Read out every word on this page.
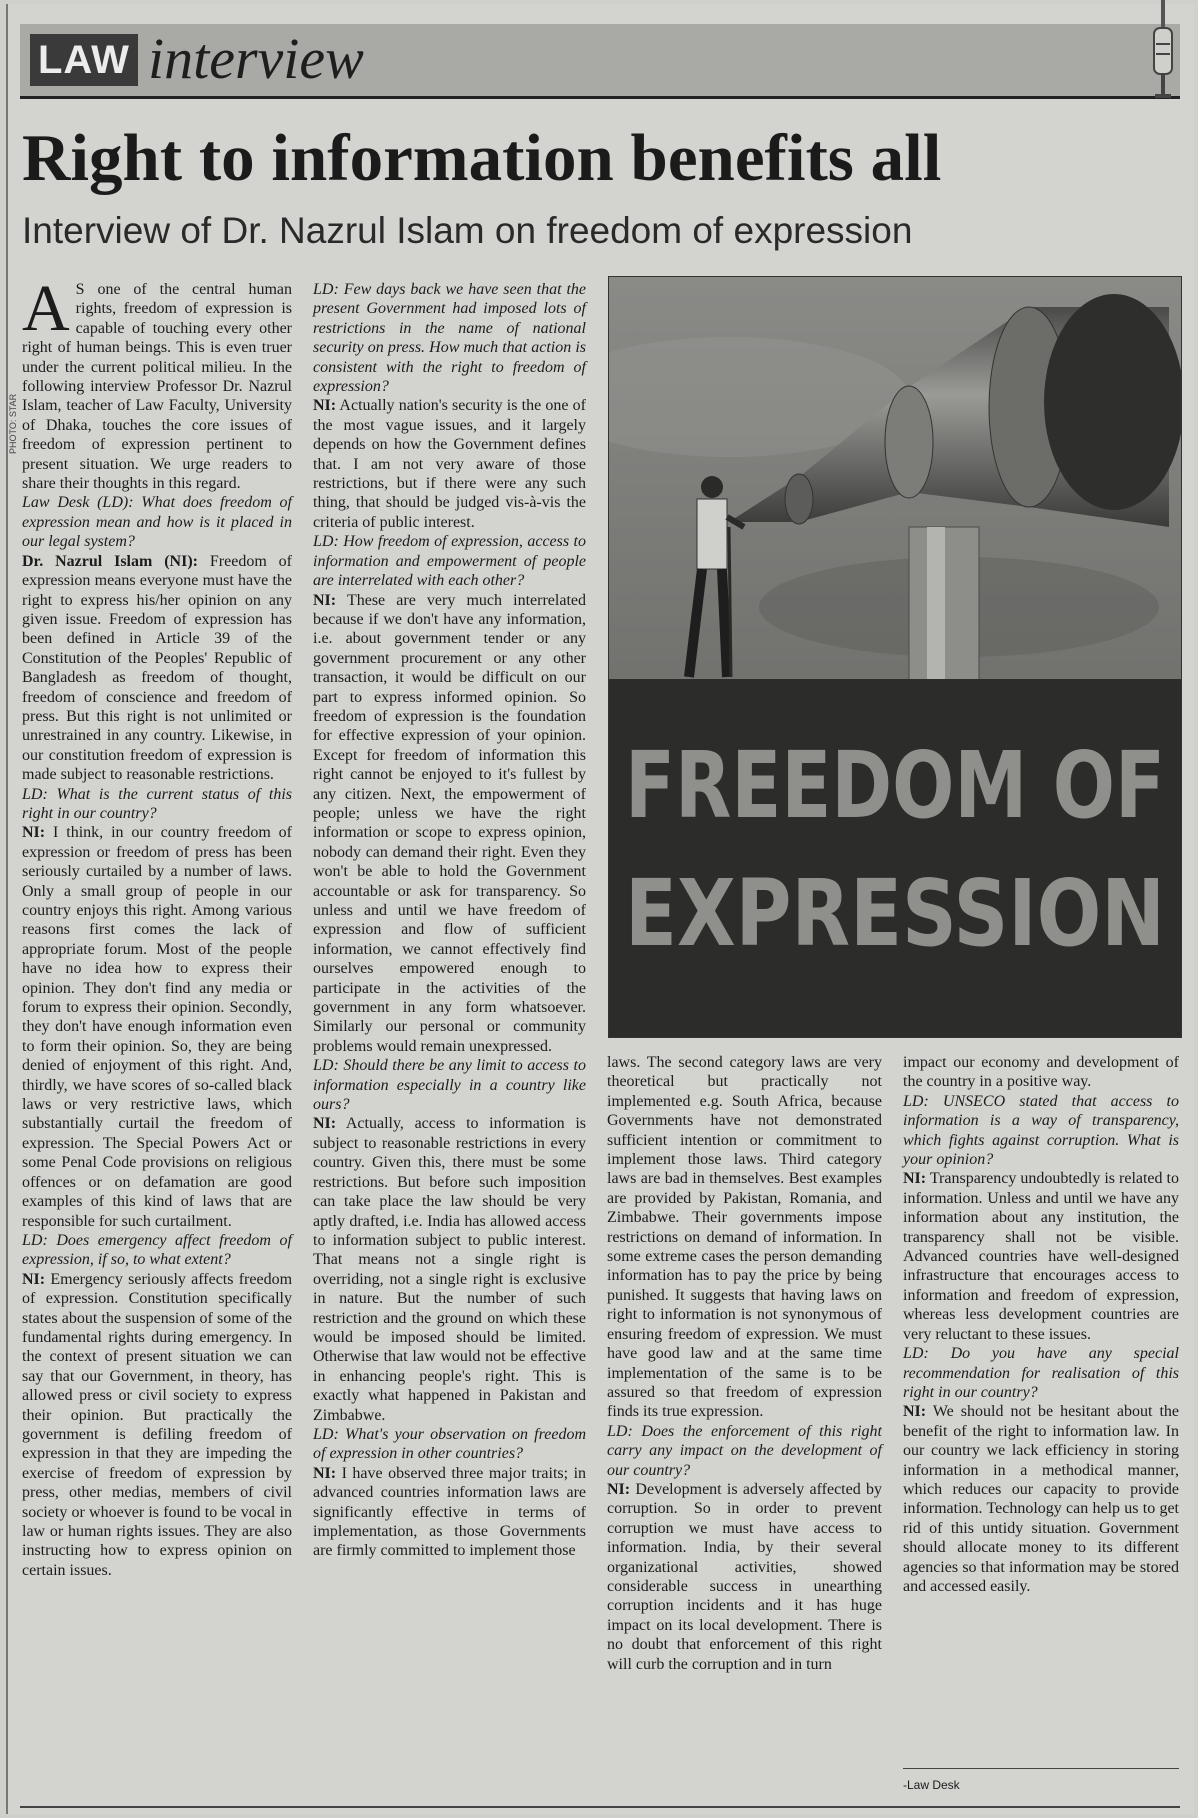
PHOTO: STAR
LAW interview
Right to information benefits all
Interview of Dr. Nazrul Islam on freedom of expression

A S one of the central human rights, freedom of expression is capable of touching every other right of human beings. This is even truer under the current political milieu. In the following interview Professor Dr. Nazrul Islam, teacher of Law Faculty, University of Dhaka, touches the core issues of freedom of expression pertinent to present situation. We urge readers to share their thoughts in this regard.

Law Desk (LD): What does freedom of expression mean and how is it placed in our legal system?

Dr. Nazrul Islam (NI): Freedom of expression means everyone must have the right to express his/her opinion on any given issue. Freedom of expression has been defined in Article 39 of the Constitution of the Peoples' Republic of Bangladesh as freedom of thought, freedom of conscience and freedom of press. But this right is not unlimited or unrestrained in any country. Likewise, in our constitution freedom of expression is made subject to reasonable restrictions.

LD: What is the current status of this right in our country?

NI: I think, in our country freedom of expression or freedom of press has been seriously curtailed by a number of laws. Only a small group of people in our country enjoys this right. Among various reasons first comes the lack of appropriate forum. Most of the people have no idea how to express their opinion. They don't find any media or forum to express their opinion. Secondly, they don't have enough information even to form their opinion. So, they are being denied of enjoyment of this right. And, thirdly, we have scores of so-called black laws or very restrictive laws, which substantially curtail the freedom of expression. The Special Powers Act or some Penal Code provisions on religious offences or on defamation are good examples of this kind of laws that are responsible for such curtailment.

LD: Does emergency affect freedom of expression, if so, to what extent?

NI: Emergency seriously affects freedom of expression. Constitution specifically states about the suspension of some of the fundamental rights during emergency. In the context of present situation we can say that our Government, in theory, has allowed press or civil society to express their opinion. But practically the government is defiling freedom of expression in that they are impeding the exercise of freedom of expression by press, other medias, members of civil society or whoever is found to be vocal in law or human rights issues. They are also instructing how to express opinion on certain issues.

LD: Few days back we have seen that the present Government had imposed lots of restrictions in the name of national security on press. How much that action is consistent with the right to freedom of expression?

NI: Actually nation's security is the one of the most vague issues, and it largely depends on how the Government defines that. I am not very aware of those restrictions, but if there were any such thing, that should be judged vis-à-vis the criteria of public interest.

LD: How freedom of expression, access to information and empowerment of people are interrelated with each other?

NI: These are very much interrelated because if we don't have any information, i.e. about government tender or any government procurement or any other transaction, it would be difficult on our part to express informed opinion. So freedom of expression is the foundation for effective expression of your opinion. Except for freedom of information this right cannot be enjoyed to it's fullest by any citizen. Next, the empowerment of people; unless we have the right information or scope to express opinion, nobody can demand their right. Even they won't be able to hold the Government accountable or ask for transparency. So unless and until we have freedom of expression and flow of sufficient information, we cannot effectively find ourselves empowered enough to participate in the activities of the government in any form whatsoever. Similarly our personal or community problems would remain unexpressed.

LD: Should there be any limit to access to information especially in a country like ours?

NI: Actually, access to information is subject to reasonable restrictions in every country. Given this, there must be some restrictions. But before such imposition can take place the law should be very aptly drafted, i.e. India has allowed access to information subject to public interest. That means not a single right is overriding, not a single right is exclusive in nature. But the number of such restriction and the ground on which these would be imposed should be limited. Otherwise that law would not be effective in enhancing people's right. This is exactly what happened in Pakistan and Zimbabwe.

LD: What's your observation on freedom of expression in other countries?

NI: I have observed three major traits; in advanced countries information laws are significantly effective in terms of implementation, as those Governments are firmly committed to implement those

FREEDOM OF
EXPRESSION

laws. The second category laws are very theoretical but practically not implemented e.g. South Africa, because Governments have not demonstrated sufficient intention or commitment to implement those laws. Third category laws are bad in themselves. Best examples are provided by Pakistan, Romania, and Zimbabwe. Their governments impose restrictions on demand of information. In some extreme cases the person demanding information has to pay the price by being punished. It suggests that having laws on right to information is not synonymous of ensuring freedom of expression. We must have good law and at the same time implementation of the same is to be assured so that freedom of expression finds its true expression.

LD: Does the enforcement of this right carry any impact on the development of our country?

NI: Development is adversely affected by corruption. So in order to prevent corruption we must have access to information. India, by their several organizational activities, showed considerable success in unearthing corruption incidents and it has huge impact on its local development. There is no doubt that enforcement of this right will curb the corruption and in turn

impact our economy and development of the country in a positive way.

LD: UNSECO stated that access to information is a way of transparency, which fights against corruption. What is your opinion?

NI: Transparency undoubtedly is related to information. Unless and until we have any information about any institution, the transparency shall not be visible. Advanced countries have well-designed infrastructure that encourages access to information and freedom of expression, whereas less development countries are very reluctant to these issues.

LD: Do you have any special recommendation for realisation of this right in our country?

NI: We should not be hesitant about the benefit of the right to information law. In our country we lack efficiency in storing information in a methodical manner, which reduces our capacity to provide information. Technology can help us to get rid of this untidy situation. Government should allocate money to its different agencies so that information may be stored and accessed easily.

-Law Desk
